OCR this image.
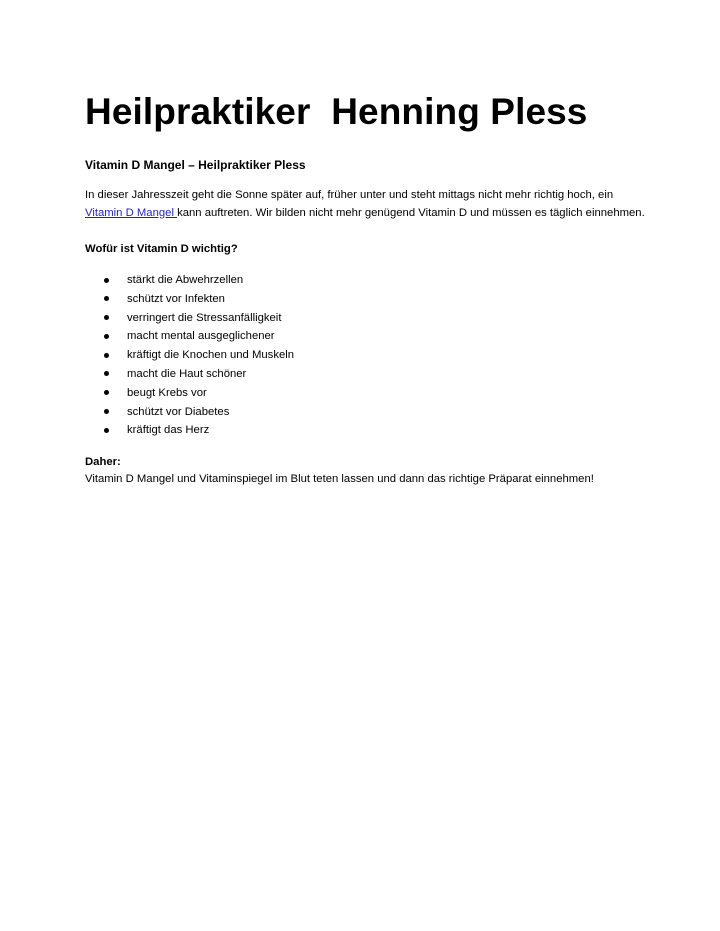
Heilpraktiker  Henning Pless

Vitamin D Mangel – Heilpraktiker Pless

In dieser Jahresszeit geht die Sonne später auf, früher unter und steht mittags nicht mehr richtig hoch, ein Vitamin D Mangel kann auftreten. Wir bilden nicht mehr genügend Vitamin D und müssen es täglich einnehmen.

Wofür ist Vitamin D wichtig?

stärkt die Abwehrzellen
schützt vor Infekten
verringert die Stressanfälligkeit
macht mental ausgeglichener
kräftigt die Knochen und Muskeln
macht die Haut schöner
beugt Krebs vor
schützt vor Diabetes
kräftigt das Herz

Daher:

Vitamin D Mangel und Vitaminspiegel im Blut teten lassen und dann das richtige Präparat einnehmen!
